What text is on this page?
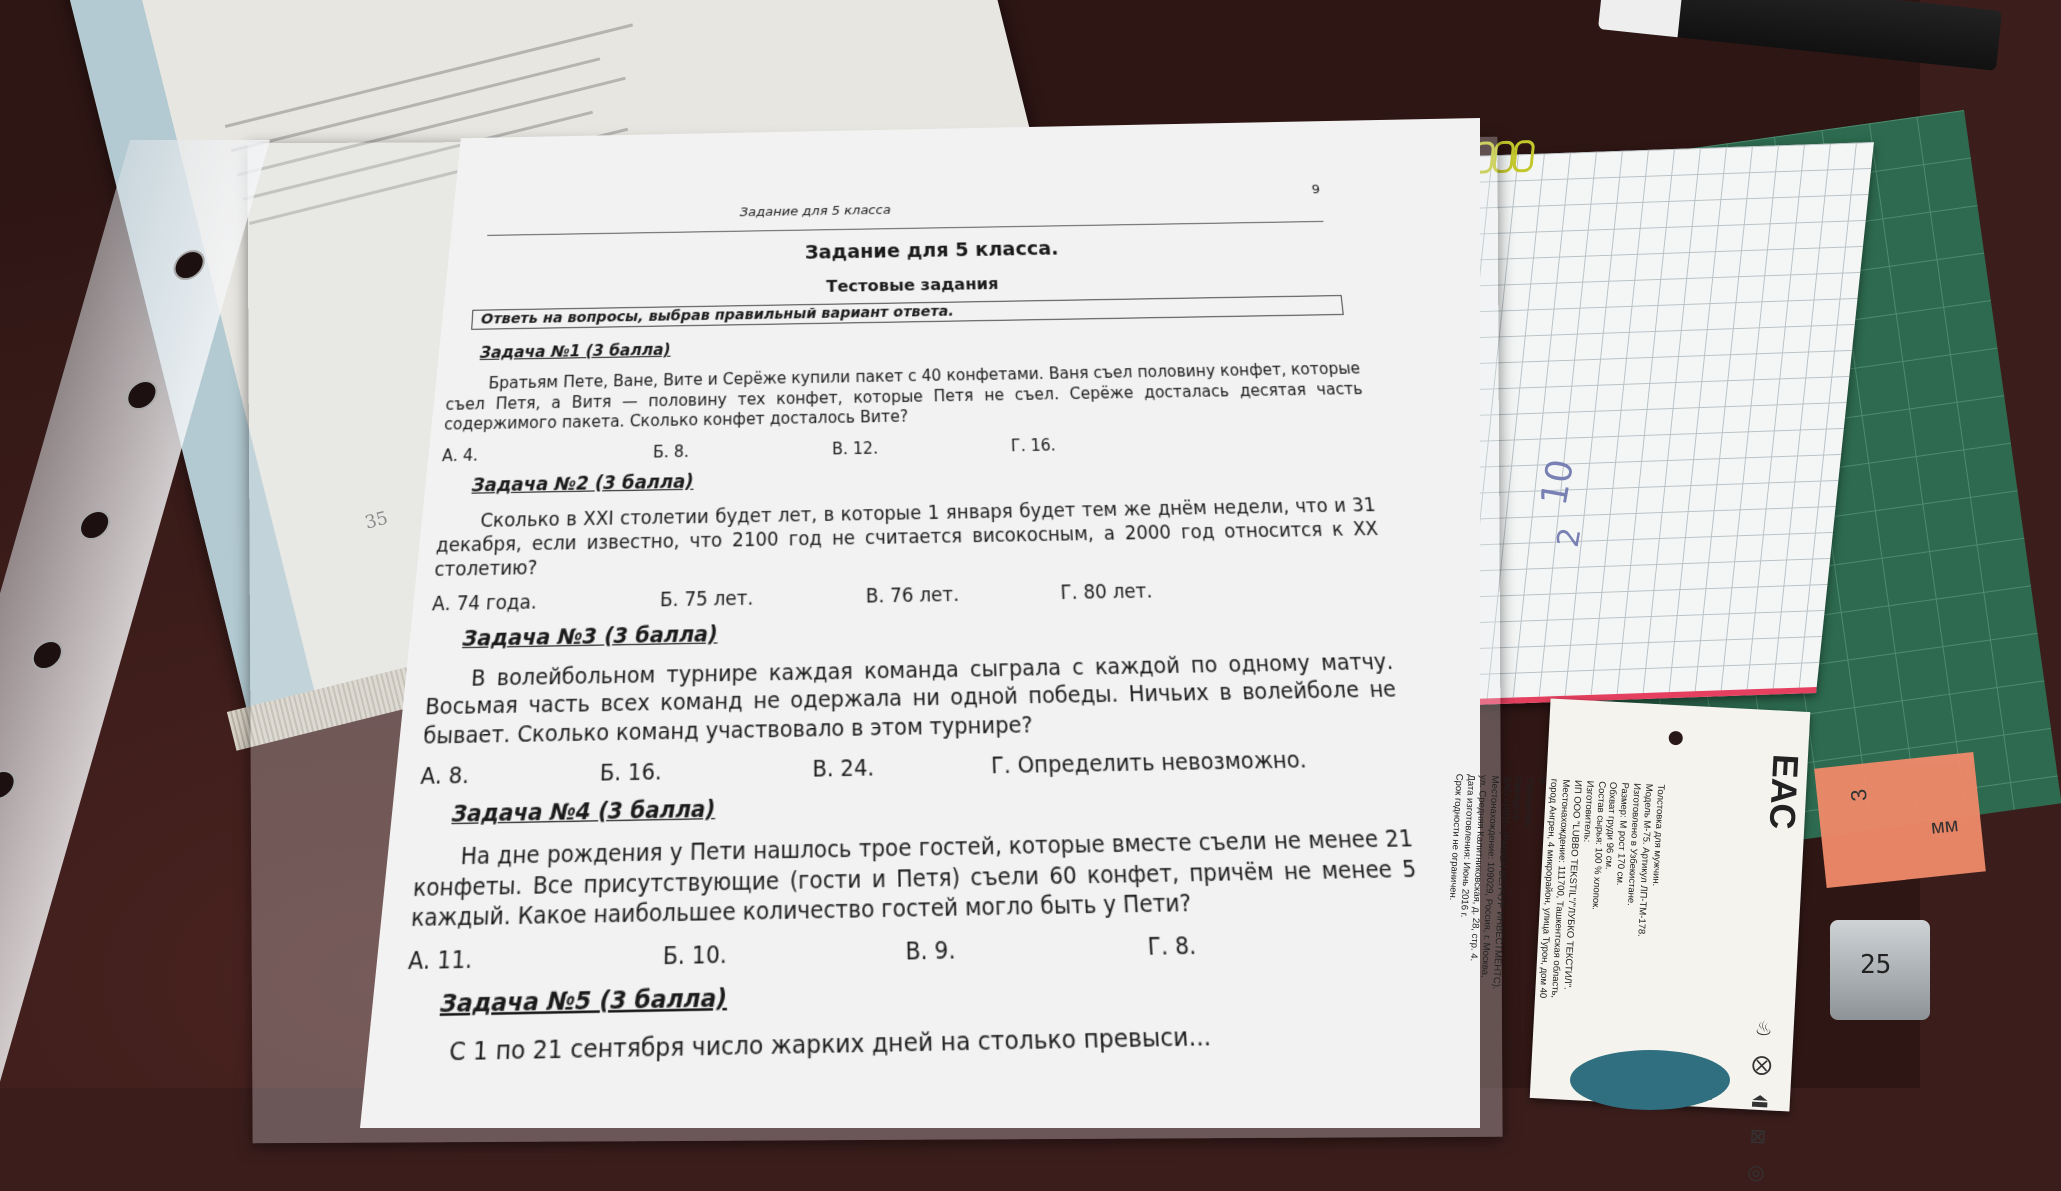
35
10
2
3
мм
Задание для 5 класса
9
Задание для 5 класса.
Тестовые задания
Ответь на вопросы, выбрав правильный вариант ответа.
Задача №1 (3 балла)
Братьям Пете, Ване, Вите и Серёже купили пакет с 40 конфетами. Ваня съел половину конфет, которые съел Петя, а Витя — половину тех конфет, которые Петя не съел. Серёже досталась десятая часть содержимого пакета. Сколько конфет досталось Вите?
А. 4.	Б. 8.	В. 12.	Г. 16.
Задача №2 (3 балла)
Сколько в XXI столетии будет лет, в которые 1 января будет тем же днём недели, что и 31 декабря, если известно, что 2100 год не считается високосным, а 2000 год относится к XX столетию?
А. 74 года.	Б. 75 лет.	В. 76 лет.	Г. 80 лет.
Задача №3 (3 балла)
В волейбольном турнире каждая команда сыграла с каждой по одному матчу. Восьмая часть всех команд не одержала ни одной победы. Ничьих в волейболе не бывает. Сколько команд участвовало в этом турнире?
А. 8.	Б. 16.	В. 24.	Г. Определить невозможно.
Задача №4 (3 балла)
На дне рождения у Пети нашлось трое гостей, которые вместе съели не менее 21 конфеты. Все присутствующие (гости и Петя) съели 60 конфет, причём не менее 5 каждый. Какое наибольшее количество гостей могло быть у Пети?
А. 11.	Б. 10.	В. 9.	Г. 8.
Задача №5 (3 балла)
С 1 по 21 сентября число жарких дней на столько превыси...
ЕАС
Толстовка для мужчин.
Модель М-75. Артикул ЛП-ТМ-178.
Изготовлено в Узбекистане.
Размер: М рост 170 см.
Обхват груди 96 см.
Состав сырья: 100 % хлопок.
Изготовитель:
ИП ООО "LUBBO TEKSTIL"/"ЛУБКО ТЕКСТИЛ".
Местонахождение: 111700, Ташкентская область,
город Ангрен, 4 микрорайон, улица Турон, дом 40 а,
Узбекистан.
Импортер:
ЗАО «РВИ» (РАШЕН ВЕНЧУР ИНВЕСТМЕНТС).
Местонахождение: 109029, Россия, г. Москва,
ул. Средняя Калитниковская, д. 28, стр. 4.
Дата изготовления: Июнь 2016 г.
Срок годности не ограничен.
♨
⨂
⏏
⊠
◎
25
